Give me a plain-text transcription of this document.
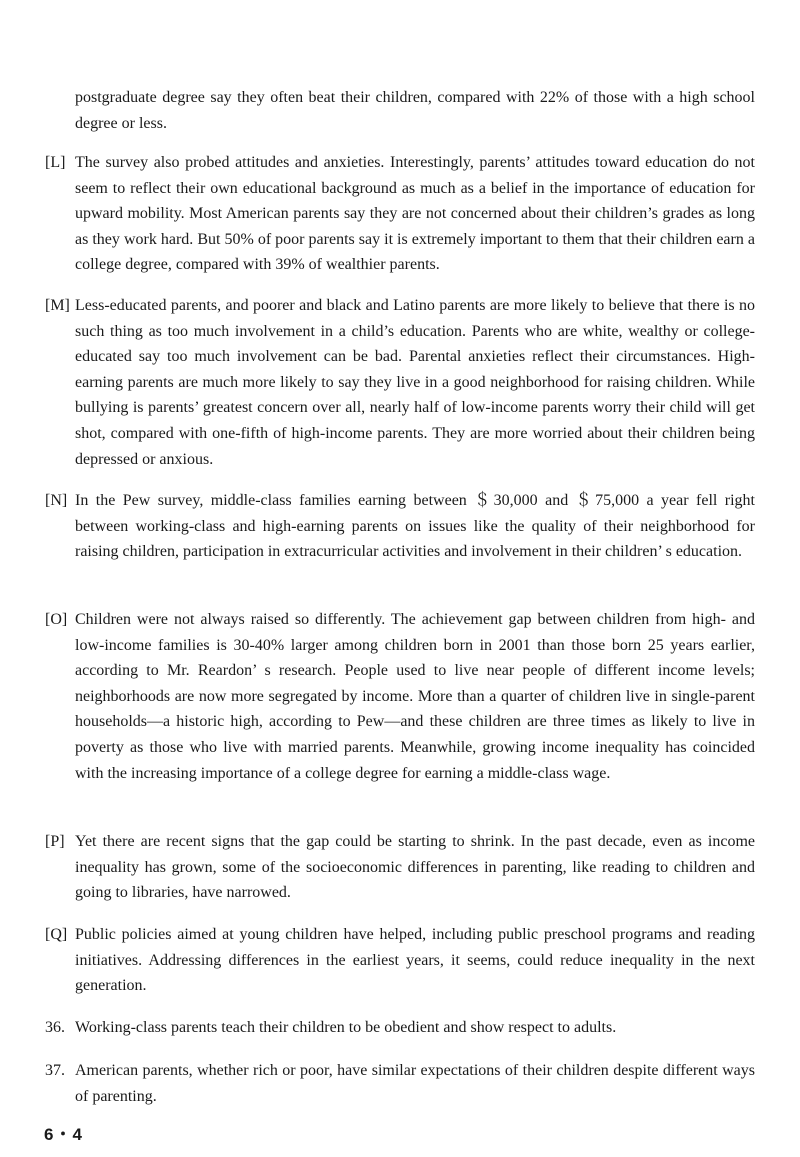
postgraduate degree say they often beat their children, compared with 22% of those with a high school degree or less.
[L] The survey also probed attitudes and anxieties. Interestingly, parents’ attitudes toward education do not seem to reflect their own educational background as much as a belief in the importance of education for upward mobility. Most American parents say they are not concerned about their children’s grades as long as they work hard. But 50% of poor parents say it is extremely important to them that their children earn a college degree, compared with 39% of wealthier parents.
[M] Less-educated parents, and poorer and black and Latino parents are more likely to believe that there is no such thing as too much involvement in a child’s education. Parents who are white, wealthy or college-educated say too much involvement can be bad. Parental anxieties reflect their circumstances. High-earning parents are much more likely to say they live in a good neighborhood for raising children. While bullying is parents’ greatest concern over all, nearly half of low-income parents worry their child will get shot, compared with one-fifth of high-income parents. They are more worried about their children being depressed or anxious.
[N] In the Pew survey, middle-class families earning between ＄30,000 and ＄75,000 a year fell right between working-class and high-earning parents on issues like the quality of their neighborhood for raising children, participation in extracurricular activities and involvement in their children’ s education.
[O] Children were not always raised so differently. The achievement gap between children from high- and low-income families is 30-40% larger among children born in 2001 than those born 25 years earlier, according to Mr. Reardon’ s research. People used to live near people of different income levels; neighborhoods are now more segregated by income. More than a quarter of children live in single-parent households—a historic high, according to Pew—and these children are three times as likely to live in poverty as those who live with married parents. Meanwhile, growing income inequality has coincided with the increasing importance of a college degree for earning a middle-class wage.
[P] Yet there are recent signs that the gap could be starting to shrink. In the past decade, even as income inequality has grown, some of the socioeconomic differences in parenting, like reading to children and going to libraries, have narrowed.
[Q] Public policies aimed at young children have helped, including public preschool programs and reading initiatives. Addressing differences in the earliest years, it seems, could reduce inequality in the next generation.
36. Working-class parents teach their children to be obedient and show respect to adults.
37. American parents, whether rich or poor, have similar expectations of their children despite different ways of parenting.
6・4
